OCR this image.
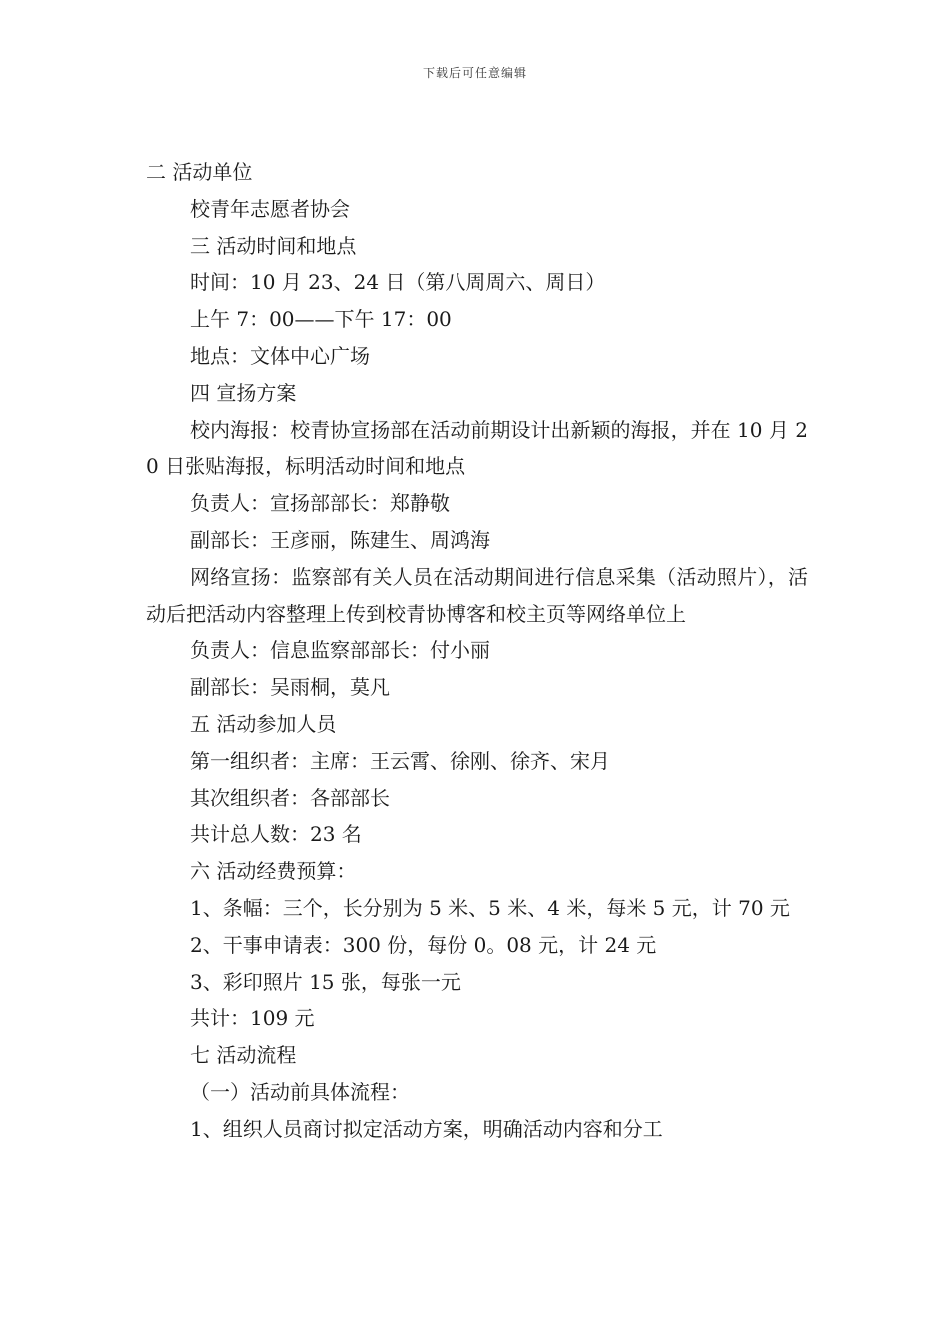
下载后可任意编辑

二 活动单位

校青年志愿者协会

三 活动时间和地点

时间：10 月 23、24 日（第八周周六、周日）

上午 7：00——下午 17：00

地点：文体中心广场

四 宣扬方案

校内海报：校青协宣扬部在活动前期设计出新颖的海报，并在 10 月 20 日张贴海报，标明活动时间和地点

负责人：宣扬部部长：郑静敬

副部长：王彦丽，陈建生、周鸿海

网络宣扬：监察部有关人员在活动期间进行信息采集（活动照片），活动后把活动内容整理上传到校青协博客和校主页等网络单位上

负责人：信息监察部部长：付小丽

副部长：吴雨桐，莫凡

五 活动参加人员

第一组织者：主席：王云霄、徐刚、徐齐、宋月

其次组织者：各部部长

共计总人数：23 名

六 活动经费预算：

1、条幅：三个，长分别为 5 米、5 米、4 米，每米 5 元，计 70 元

2、干事申请表：300 份，每份 0。08 元，计 24 元

3、彩印照片 15 张，每张一元

共计：109 元

七 活动流程

（一）活动前具体流程：

1、组织人员商讨拟定活动方案，明确活动内容和分工
